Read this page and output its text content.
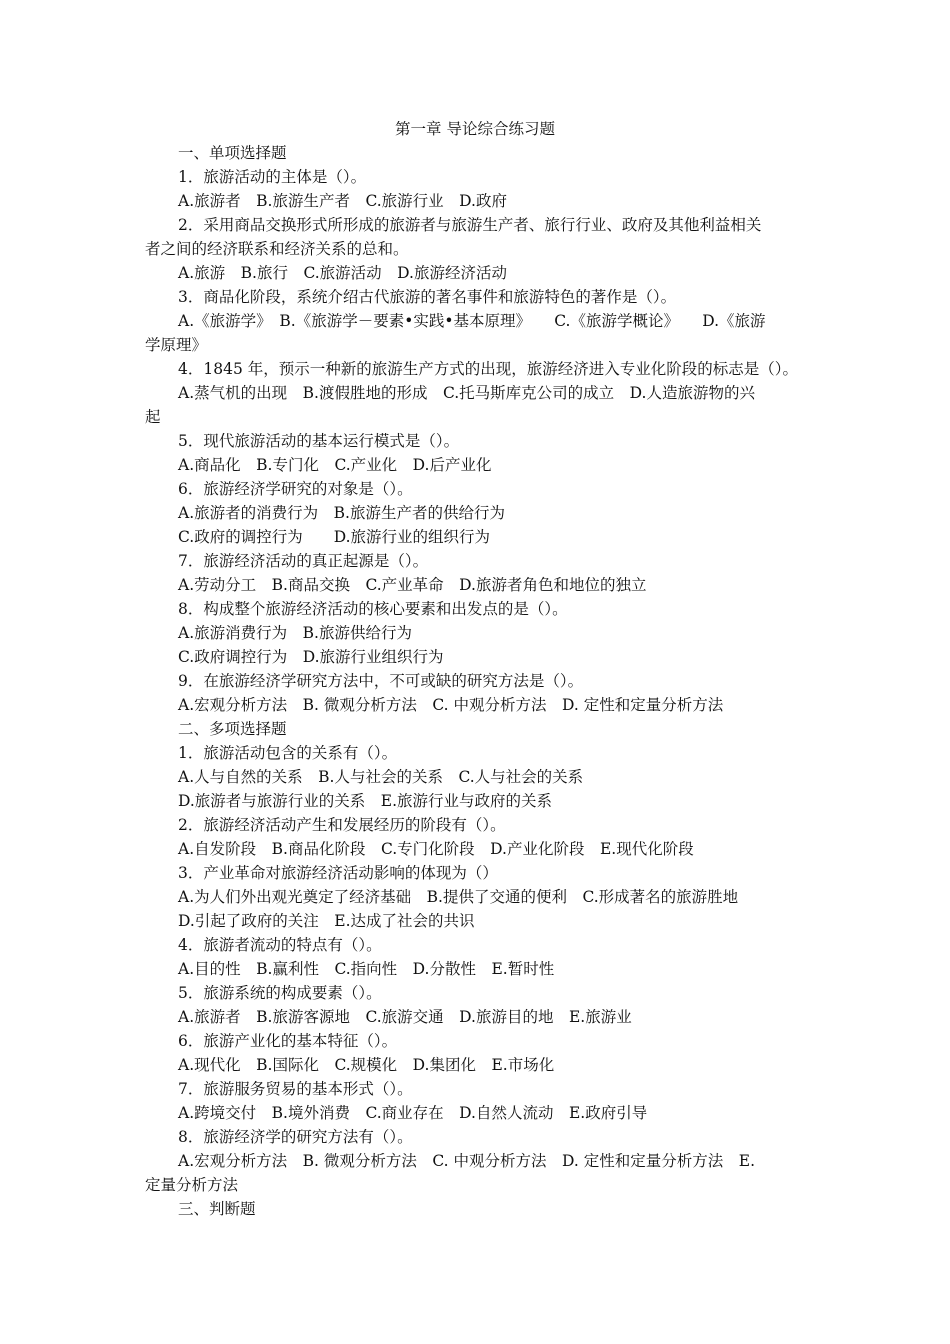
第一章 导论综合练习题
一、单项选择题
1．旅游活动的主体是（）。
A.旅游者　B.旅游生产者　C.旅游行业　D.政府
2．采用商品交换形式所形成的旅游者与旅游生产者、旅行行业、政府及其他利益相关
者之间的经济联系和经济关系的总和。
A.旅游　B.旅行　C.旅游活动　D.旅游经济活动
3．商品化阶段，系统介绍古代旅游的著名事件和旅游特色的著作是（）。
A.《旅游学》　B.《旅游学－要素•实践•基本原理》　　C.《旅游学概论》　　D.《旅游
学原理》
4．1845 年，预示一种新的旅游生产方式的出现，旅游经济进入专业化阶段的标志是（）。
A.蒸气机的出现　B.渡假胜地的形成　C.托马斯库克公司的成立　D.人造旅游物的兴
起
5．现代旅游活动的基本运行模式是（）。
A.商品化　B.专门化　C.产业化　D.后产业化
6．旅游经济学研究的对象是（）。
A.旅游者的消费行为　B.旅游生产者的供给行为
C.政府的调控行为　　D.旅游行业的组织行为
7．旅游经济活动的真正起源是（）。
A.劳动分工　B.商品交换　C.产业革命　D.旅游者角色和地位的独立
8．构成整个旅游经济活动的核心要素和出发点的是（）。
A.旅游消费行为　B.旅游供给行为
C.政府调控行为　D.旅游行业组织行为
9．在旅游经济学研究方法中，不可或缺的研究方法是（）。
A.宏观分析方法　B. 微观分析方法　C. 中观分析方法　D. 定性和定量分析方法
二、多项选择题
1．旅游活动包含的关系有（）。
A.人与自然的关系　B.人与社会的关系　C.人与社会的关系
D.旅游者与旅游行业的关系　E.旅游行业与政府的关系
2．旅游经济活动产生和发展经历的阶段有（）。
A.自发阶段　B.商品化阶段　C.专门化阶段　D.产业化阶段　E.现代化阶段
3．产业革命对旅游经济活动影响的体现为（）
A.为人们外出观光奠定了经济基础　B.提供了交通的便利　C.形成著名的旅游胜地
D.引起了政府的关注　E.达成了社会的共识
4．旅游者流动的特点有（）。
A.目的性　B.赢利性　C.指向性　D.分散性　E.暂时性
5．旅游系统的构成要素（）。
A.旅游者　B.旅游客源地　C.旅游交通　D.旅游目的地　E.旅游业
6．旅游产业化的基本特征（）。
A.现代化　B.国际化　C.规模化　D.集团化　E.市场化
7．旅游服务贸易的基本形式（）。
A.跨境交付　B.境外消费　C.商业存在　D.自然人流动　E.政府引导
8．旅游经济学的研究方法有（）。
A.宏观分析方法　B. 微观分析方法　C. 中观分析方法　D. 定性和定量分析方法　E.
定量分析方法
三、判断题
